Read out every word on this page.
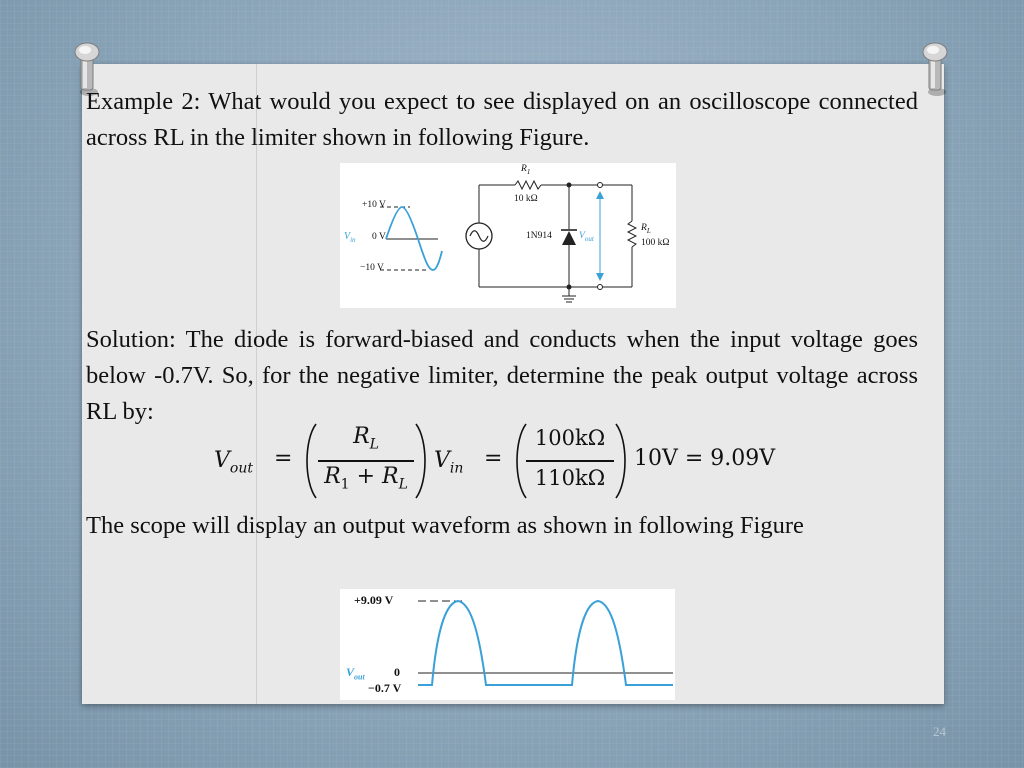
Example 2: What would you expect to see displayed on an oscilloscope connected across RL in the limiter shown in following Figure.
+10 V
0 V
−10 V
$V_{in}$
$R_1$
10 kΩ
1N914	$V_{out}$
$R_L$
100 kΩ
Solution: The diode is forward-biased and conducts when the input voltage goes below -0.7V. So, for the negative limiter, determine the peak output voltage across RL by:
$V_{out}$ =
$R_L$
$R_1 + R_L$
$V_{in}$ =
100kΩ
110kΩ
10V = 9.09V
The scope will display an output waveform as shown in following Figure
+9.09 V
0
−0.7 V
$V_{out}$
24
